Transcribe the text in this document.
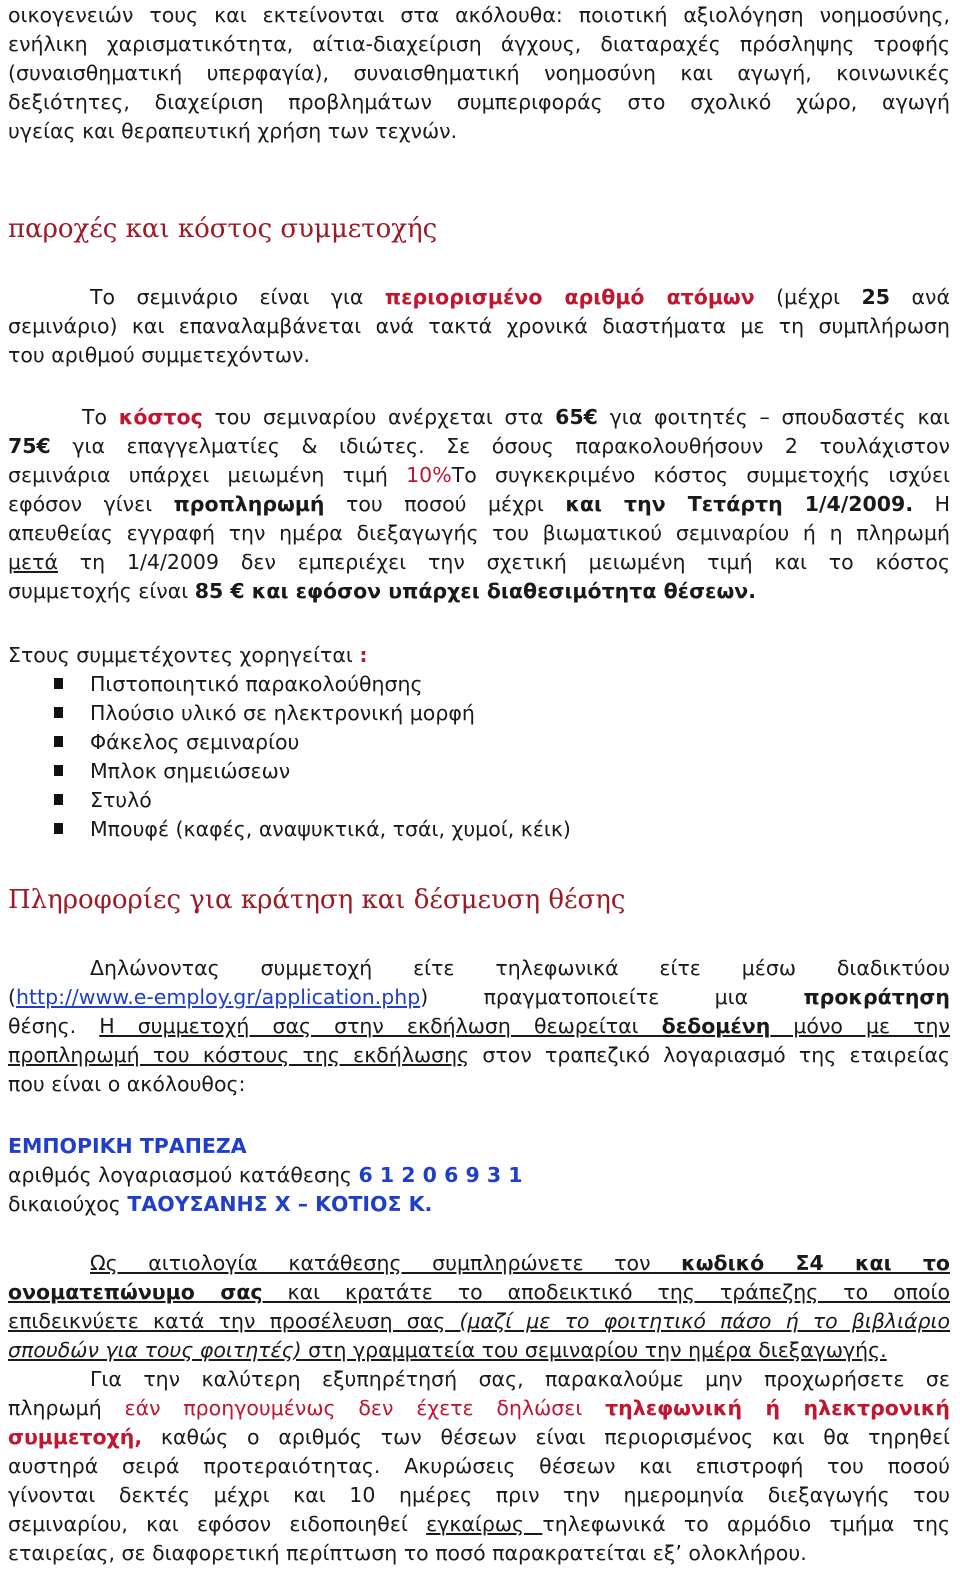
οικογενειών τους και εκτείνονται στα ακόλουθα: ποιοτική αξιολόγηση νοημοσύνης,
ενήλικη χαρισματικότητα, αίτια-διαχείριση άγχους, διαταραχές πρόσληψης τροφής
(συναισθηματική υπερφαγία), συναισθηματική νοημοσύνη και αγωγή, κοινωνικές
δεξιότητες, διαχείριση προβλημάτων συμπεριφοράς στο σχολικό χώρο, αγωγή
υγείας και θεραπευτική χρήση των τεχνών.
παροχές και κόστος συμμετοχής
Το σεμινάριο είναι για περιορισμένο αριθμό ατόμων (μέχρι 25 ανά
σεμινάριο) και επαναλαμβάνεται ανά τακτά χρονικά διαστήματα με τη συμπλήρωση
του αριθμού συμμετεχόντων.
Το κόστος του σεμιναρίου ανέρχεται στα 65€ για φοιτητές – σπουδαστές και
75€ για επαγγελματίες & ιδιώτες. Σε όσους παρακολουθήσουν 2 τουλάχιστον
σεμινάρια υπάρχει μειωμένη τιμή 10%Το συγκεκριμένο κόστος συμμετοχής ισχύει
εφόσον γίνει προπληρωμή του ποσού μέχρι και την Τετάρτη 1/4/2009. Η
απευθείας εγγραφή την ημέρα διεξαγωγής του βιωματικού σεμιναρίου ή η πληρωμή
μετά τη 1/4/2009 δεν εμπεριέχει την σχετική μειωμένη τιμή και το κόστος
συμμετοχής είναι 85 € και εφόσον υπάρχει διαθεσιμότητα θέσεων.
Στους συμμετέχοντες χορηγείται :
Πιστοποιητικό παρακολούθησης
Πλούσιο υλικό σε ηλεκτρονική μορφή
Φάκελος σεμιναρίου
Μπλοκ σημειώσεων
Στυλό
Μπουφέ (καφές, αναψυκτικά, τσάι, χυμοί, κέικ)
Πληροφορίες για κράτηση και δέσμευση θέσης
Δηλώνοντας συμμετοχή είτε τηλεφωνικά είτε μέσω διαδικτύου
(http://www.e-employ.gr/application.php) πραγματοποιείτε μια προκράτηση
θέσης. Η συμμετοχή σας στην εκδήλωση θεωρείται δεδομένη μόνο με την
προπληρωμή του κόστους της εκδήλωσης στον τραπεζικό λογαριασμό της εταιρείας
που είναι ο ακόλουθος:
ΕΜΠΟΡΙΚΗ ΤΡΑΠΕΖΑ
αριθμός λογαριασμού κατάθεσης 6 1 2 0 6 9 3 1
δικαιούχος ΤΑΟΥΣΑΝΗΣ Χ – ΚΟΤΙΟΣ Κ.
Ως αιτιολογία κατάθεσης συμπληρώνετε τον κωδικό Σ4 και το
ονοματεπώνυμο σας και κρατάτε το αποδεικτικό της τράπεζης το οποίο
επιδεικνύετε κατά την προσέλευση σας (μαζί με το φοιτητικό πάσο ή το βιβλιάριο
σπουδών για τους φοιτητές) στη γραμματεία του σεμιναρίου την ημέρα διεξαγωγής.
Για την καλύτερη εξυπηρέτησή σας, παρακαλούμε μην προχωρήσετε σε
πληρωμή εάν προηγουμένως δεν έχετε δηλώσει τηλεφωνική ή ηλεκτρονική
συμμετοχή, καθώς ο αριθμός των θέσεων είναι περιορισμένος και θα τηρηθεί
αυστηρά σειρά προτεραιότητας. Ακυρώσεις θέσεων και επιστροφή του ποσού
γίνονται δεκτές μέχρι και 10 ημέρες πριν την ημερομηνία διεξαγωγής του
σεμιναρίου, και εφόσον ειδοποιηθεί εγκαίρως τηλεφωνικά το αρμόδιο τμήμα της
εταιρείας, σε διαφορετική περίπτωση το ποσό παρακρατείται εξ’ ολοκλήρου.
